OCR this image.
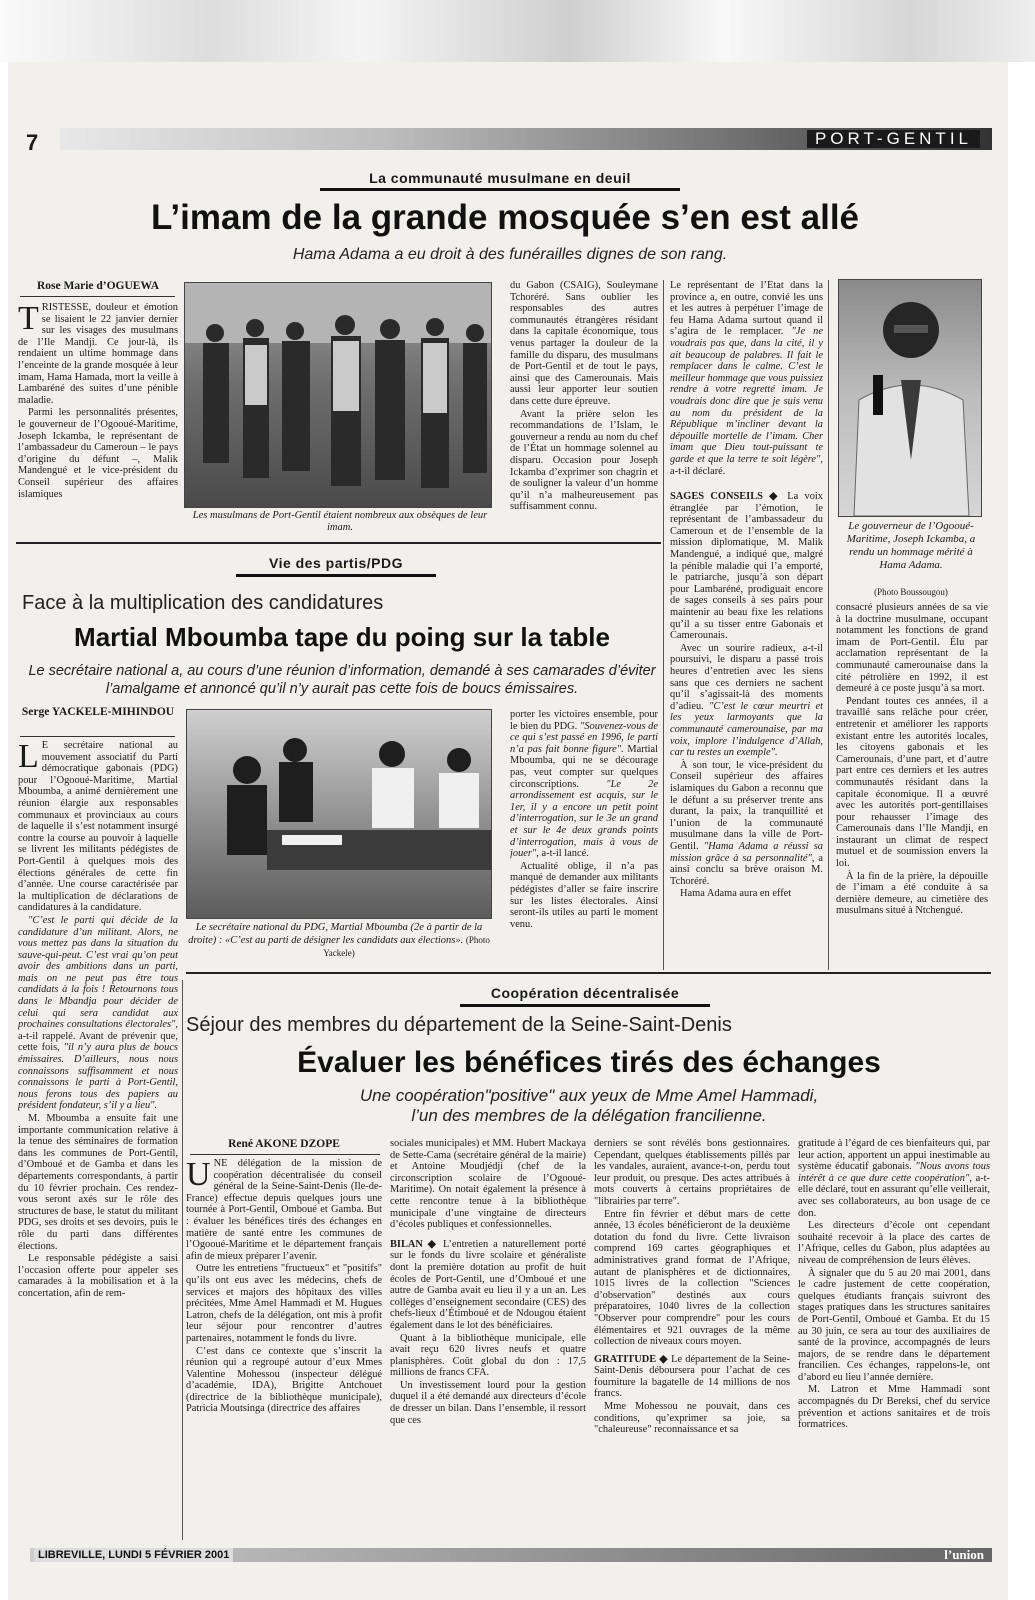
7	PORT-GENTIL
La communauté musulmane en deuil
L’imam de la grande mosquée s’en est allé
Hama Adama a eu droit à des funérailles dignes de son rang.
Rose Marie d’OGUEWA

TRISTESSE, douleur et émotion se lisaient le 22 janvier dernier sur les visages des musulmans de l’Ile Mandji. Ce jour-là, ils rendaient un ultime hommage dans l’enceinte de la grande mosquée à leur imam, Hama Hamada, mort la veille à Lambaréné des suites d’une pénible maladie.

Parmi les personnalités présentes, le gouverneur de l’Ogooué-Maritime, Joseph Ickamba, le représentant de l’ambassadeur du Cameroun – le pays d’origine du défunt –, Malik Mandengué et le vice-président du Conseil supérieur des affaires islamiques

Les musulmans de Port-Gentil étaient nombreux aux obsèques de leur imam.

du Gabon (CSAIG), Souleymane Tchoréré. Sans oublier les responsables des autres communautés étrangères résidant dans la capitale économique, tous venus partager la douleur de la famille du disparu, des musulmans de Port-Gentil et de tout le pays, ainsi que des Camerounais. Mais aussi leur apporter leur soutien dans cette dure épreuve.

Avant la prière selon les recommandations de l’Islam, le gouverneur a rendu au nom du chef de l’État un hommage solennel au disparu. Occasion pour Joseph Ickamba d’exprimer son chagrin et de souligner la valeur d’un homme qu’il n’a malheureusement pas suffisamment connu.

Le représentant de l’État dans la province a, en outre, convié les uns et les autres à perpétuer l’image de feu Hama Adama surtout quand il s’agira de le remplacer. "Je ne voudrais pas que, dans la cité, il y ait beaucoup de palabres. Il fait le remplacer dans le calme. C’est le meilleur hommage que vous puissiez rendre à votre regretté imam. Je voudrais donc dire que je suis venu au nom du président de la République m’incliner devant la dépouille mortelle de l’imam. Cher imam que Dieu tout-puissant te garde et que la terre te soit légère", a-t-il déclaré.

SAGES CONSEILS ◆ La voix étranglée par l’émotion, le représentant de l’ambassadeur du Cameroun et de l’ensemble de la mission diplomatique, M. Malik Mandengué, a indiqué que, malgré la pénible maladie qui l’a emporté, le patriarche, jusqu’à son départ pour Lambaréné, prodiguait encore de sages conseils à ses pairs pour maintenir au beau fixe les relations qu’il a su tisser entre Gabonais et Camerounais.

Avec un sourire radieux, a-t-il poursuivi, le disparu a passé trois heures d’entretien avec les siens sans que ces derniers ne sachent qu’il s’agissait-là des moments d’adieu. "C’est le cœur meurtri et les yeux larmoyants que la communauté camerounaise, par ma voix, implore l’indulgence d’Allah, car tu restes un exemple".

À son tour, le vice-président du Conseil supérieur des affaires islamiques du Gabon a reconnu que le défunt a su préserver trente ans durant, la paix, la tranquillité et l’union de la communauté musulmane dans la ville de Port-Gentil. "Hama Adama a réussi sa mission grâce à sa personnalité", a ainsi conclu sa brève oraison M. Tchoréré.

Hama Adama aura en effet

Le gouverneur de l’Ogooué-Maritime, Joseph Ickamba, a rendu un hommage mérité à Hama Adama.
(Photo Boussougou)

consacré plusieurs années de sa vie à la doctrine musulmane, occupant notamment les fonctions de grand imam de Port-Gentil. Élu par acclamation représentant de la communauté camerounaise dans la cité pétrolière en 1992, il est demeuré à ce poste jusqu’à sa mort.

Pendant toutes ces années, il a travaillé sans relâche pour créer, entretenir et améliorer les rapports existant entre les autorités locales, les citoyens gabonais et les Camerounais, d’une part, et d’autre part entre ces derniers et les autres communautés résidant dans la capitale économique. Il a œuvré avec les autorités port-gentillaises pour rehausser l’image des Camerounais dans l’Ile Mandji, en instaurant un climat de respect mutuel et de soumission envers la loi.

À la fin de la prière, la dépouille de l’imam a été conduite à sa dernière demeure, au cimetière des musulmans situé à Ntchengué.

Vie des partis/PDG
Face à la multiplication des candidatures
Martial Mboumba tape du poing sur la table
Le secrétaire national a, au cours d’une réunion d’information, demandé à ses camarades d’éviter l’amalgame et annoncé qu’il n’y aurait pas cette fois de boucs émissaires.
Serge YACKELE-MIHINDOU

L E secrétaire national au mouvement associatif du Parti démocratique gabonais (PDG) pour l’Ogooué-Maritime, Martial Mboumba, a animé dernièrement une réunion élargie aux responsables communaux et provinciaux au cours de laquelle il s’est notamment insurgé contre la course au pouvoir à laquelle se livrent les militants pédégistes de Port-Gentil à quelques mois des élections générales de cette fin d’année. Une course caractérisée par la multiplication de déclarations de candidatures à la candidature.

"C’est le parti qui décide de la candidature d’un militant. Alors, ne vous mettez pas dans la situation du sauve-qui-peut. C’est vrai qu’on peut avoir des ambitions dans un parti, mais on ne peut pas être tous candidats à la fois ! Retournons tous dans le Mbandja pour décider de celui qui sera candidat aux prochaines consultations électorales", a-t-il rappelé. Avant de prévenir que, cette fois, "il n’y aura plus de boucs émissaires. D’ailleurs, nous nous connaissons suffisamment et nous connaissons le parti à Port-Gentil, nous ferons tous des papiers au président fondateur, s’il y a lieu".

M. Mboumba a ensuite fait une importante communication relative à la tenue des séminaires de formation dans les communes de Port-Gentil, d’Omboué et de Gamba et dans les départements correspondants, à partir du 10 février prochain. Ces rendez-vous seront axés sur le rôle des structures de base, le statut du militant PDG, ses droits et ses devoirs, puis le rôle du parti dans différentes élections.

Le responsable pédégiste a saisi l’occasion offerte pour appeler ses camarades à la mobilisation et à la concertation, afin de rem-

Le secrétaire national du PDG, Martial Mboumba (2e à partir de la droite) : «C’est au parti de désigner les candidats aux élections». (Photo Yackele)

porter les victoires ensemble, pour le bien du PDG. "Souvenez-vous de ce qui s’est passé en 1996, le parti n’a pas fait bonne figure". Martial Mboumba, qui ne se décourage pas, veut compter sur quelques circonscriptions.	"Le 2e arrondissement est acquis, sur le 1er, il y a encore un petit point d’interrogation, sur le 3e un grand et sur le 4e deux grands points d’interrogation, mais à vous de jouer", a-t-il lancé.

Actualité oblige, il n’a pas manqué de demander aux militants pédégistes d’aller se faire inscrire sur les listes électorales. Ainsi seront-ils utiles au parti le moment venu.

Coopération décentralisée
Séjour des membres du département de la Seine-Saint-Denis
Évaluer les bénéfices tirés des échanges
Une coopération"positive" aux yeux de Mme Amel Hammadi,
l’un des membres de la délégation francilienne.
René AKONE DZOPE

UNE délégation de la mission de coopération décentralisée du conseil général de la Seine-Saint-Denis (Ile-de-France) effectue depuis quelques jours une tournée à Port-Gentil, Omboué et Gamba. But : évaluer les bénéfices tirés des échanges en matière de santé entre les communes de l’Ogooué-Maritime et le département français afin de mieux préparer l’avenir.

Outre les entretiens "fructueux" et "positifs" qu’ils ont eus avec les médecins, chefs de services et majors des hôpitaux des villes précitées, Mme Amel Hammadi et M. Hugues Latron, chefs de la délégation, ont mis à profit leur séjour pour rencontrer d’autres partenaires, notamment le fonds du livre.

C’est dans ce contexte que s’inscrit la réunion qui a regroupé autour d’eux Mmes Valentine Mohessou (inspecteur délégué d’académie, IDA), Brigitte Antchouet (directrice de la bibliothèque municipale), Patricia Moutsinga (directrice des affaires

sociales municipales) et MM. Hubert Mackaya de Sette-Cama (secrétaire général de la mairie) et Antoine Moudjédji (chef de la circonscription scolaire de l’Ogooué-Maritime). On notait également la présence à cette rencontre tenue à la bibliothèque municipale d’une vingtaine de directeurs d’écoles publiques et confessionnelles.

BILAN ◆ L’entretien a naturellement porté sur le fonds du livre scolaire et généraliste dont la première dotation au profit de huit écoles de Port-Gentil, une d’Omboué et une autre de Gamba avait eu lieu il y a un an. Les collèges d’enseignement secondaire (CES) des chefs-lieux d’Étimboué et de Ndougou étaient également dans le lot des bénéficiaires.

Quant à la bibliothèque municipale, elle avait reçu 620 livres neufs et quatre planisphères. Coût global du don : 17,5 millions de francs CFA.

Un investissement lourd pour la gestion duquel il a été demandé aux directeurs d’école de dresser un bilan. Dans l’ensemble, il ressort que ces

derniers se sont révélés bons gestionnaires. Cependant, quelques établissements pillés par les vandales, auraient, avance-t-on, perdu tout leur produit, ou presque. Des actes attribués à mots couverts à certains propriétaires de "librairies par terre".

Entre fin février et début mars de cette année, 13 écoles bénéficieront de la deuxième dotation du fond du livre. Cette livraison comprend 169 cartes géographiques et administratives grand format de l’Afrique, autant de planisphères et de dictionnaires, 1015 livres de la collection "Sciences d’observation" destinés aux cours préparatoires, 1040 livres de la collection "Observer pour comprendre" pour les cours élémentaires et 921 ouvrages de la même collection de niveaux cours moyen.

GRATITUDE ◆ Le département de la Seine-Saint-Denis déboursera pour l’achat de ces fourniture la bagatelle de 14 millions de nos francs.

Mme Mohessou ne pouvait, dans ces conditions, qu’exprimer sa joie, sa "chaleureuse" reconnaissance et sa

gratitude à l’égard de ces bienfaiteurs qui, par leur action, apportent un appui inestimable au système éducatif gabonais. "Nous avons tous intérêt à ce que dure cette coopération", a-t-elle déclaré, tout en assurant qu’elle veillerait, avec ses collaborateurs, au bon usage de ce don.

Les directeurs d’école ont cependant souhaité recevoir à la place des cartes de l’Afrique, celles du Gabon, plus adaptées au niveau de compréhension de leurs élèves.

À signaler que du 5 au 20 mai 2001, dans le cadre justement de cette coopération, quelques étudiants français suivront des stages pratiques dans les structures sanitaires de Port-Gentil, Omboué et Gamba. Et du 15 au 30 juin, ce sera au tour des auxiliaires de santé de la province, accompagnés de leurs majors, de se rendre dans le département francilien. Ces échanges, rappelons-le, ont d’abord eu lieu l’année dernière.

M. Latron et Mme Hammadi sont accompagnés du Dr Bereksi, chef du service prévention et actions sanitaires et de trois formatrices.

LIBREVILLE, LUNDI 5 FÉVRIER 2001	l’union
